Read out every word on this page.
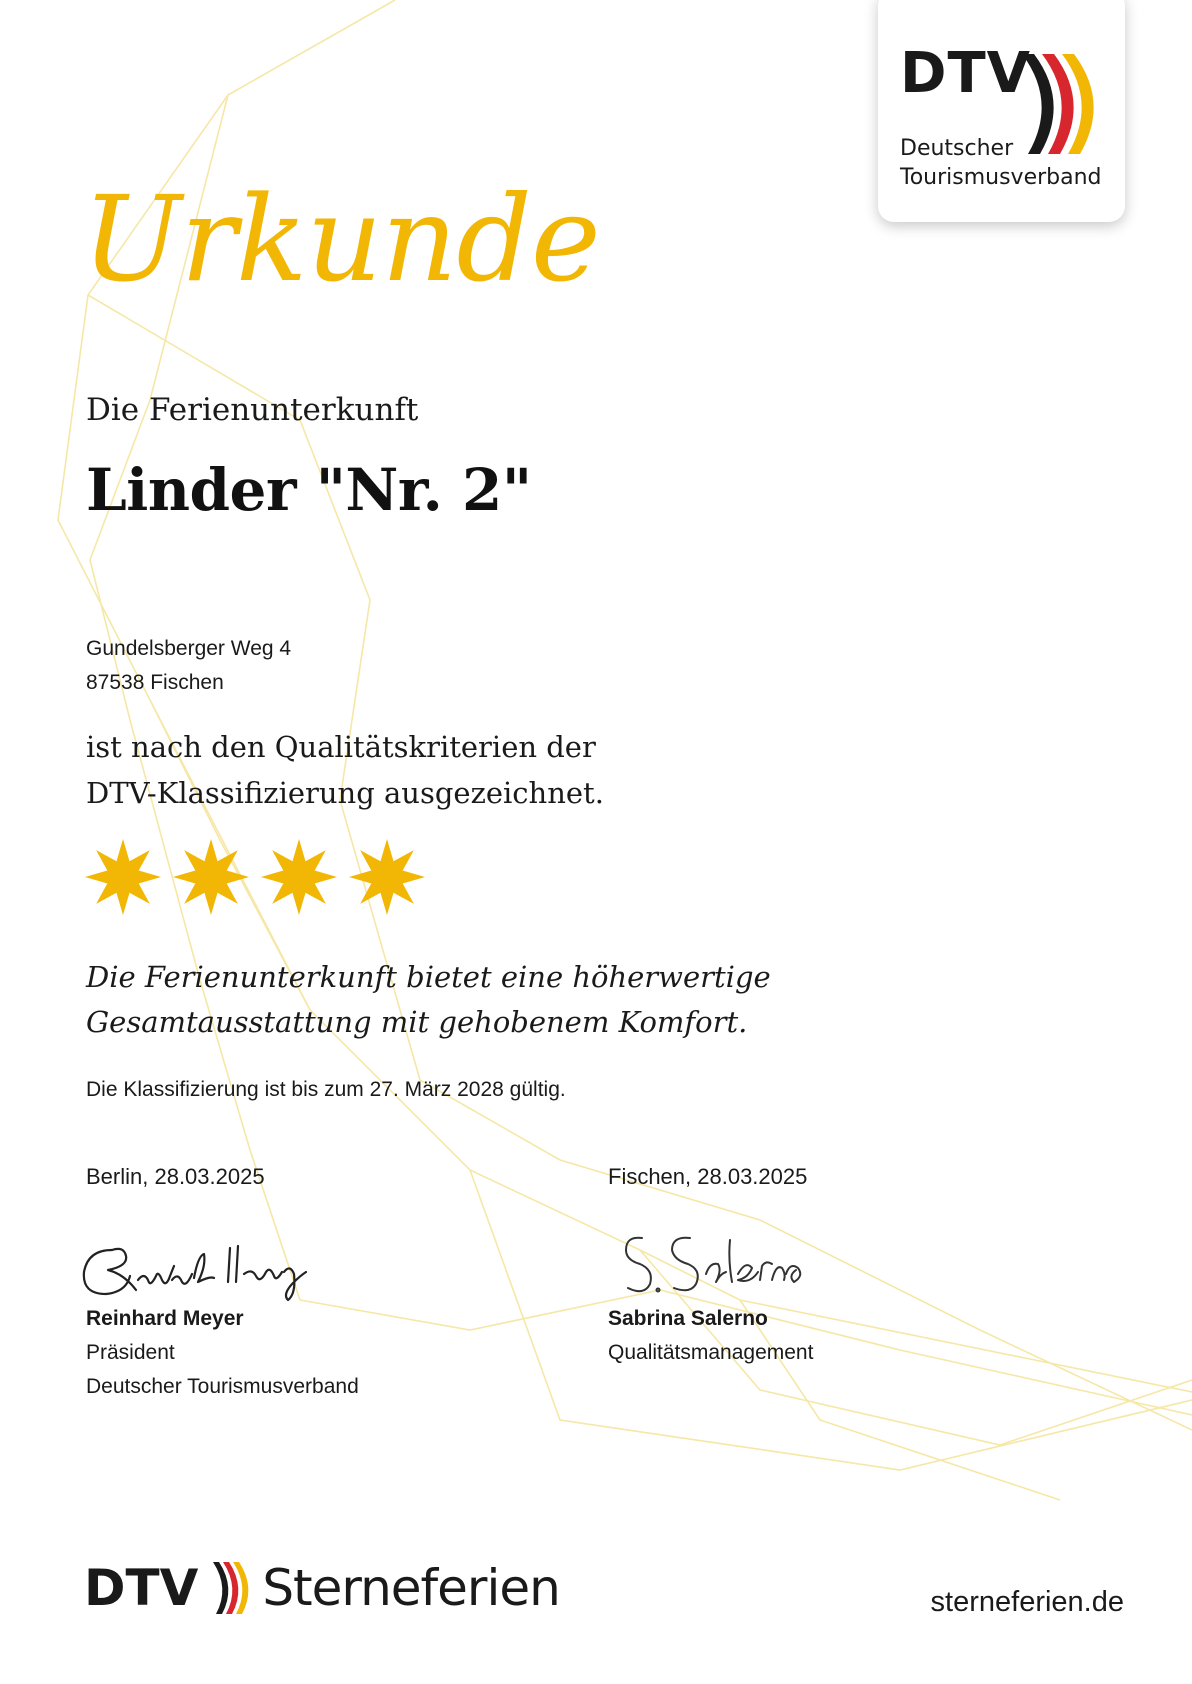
DTV
Deutscher
Tourismusverband
Urkunde
Die Ferienunterkunft
Linder "Nr. 2"
Gundelsberger Weg 4
87538 Fischen
ist nach den Qualitätskriterien der
DTV-Klassifizierung ausgezeichnet.
Die Ferienunterkunft bietet eine höherwertige
Gesamtausstattung mit gehobenem Komfort.
Die Klassifizierung ist bis zum 27. März 2028 gültig.
Berlin, 28.03.2025	Fischen, 28.03.2025
Reinhard Meyer
Präsident
Deutscher Tourismusverband
Sabrina Salerno
Qualitätsmanagement
DTV Sterneferien	sterneferien.de
